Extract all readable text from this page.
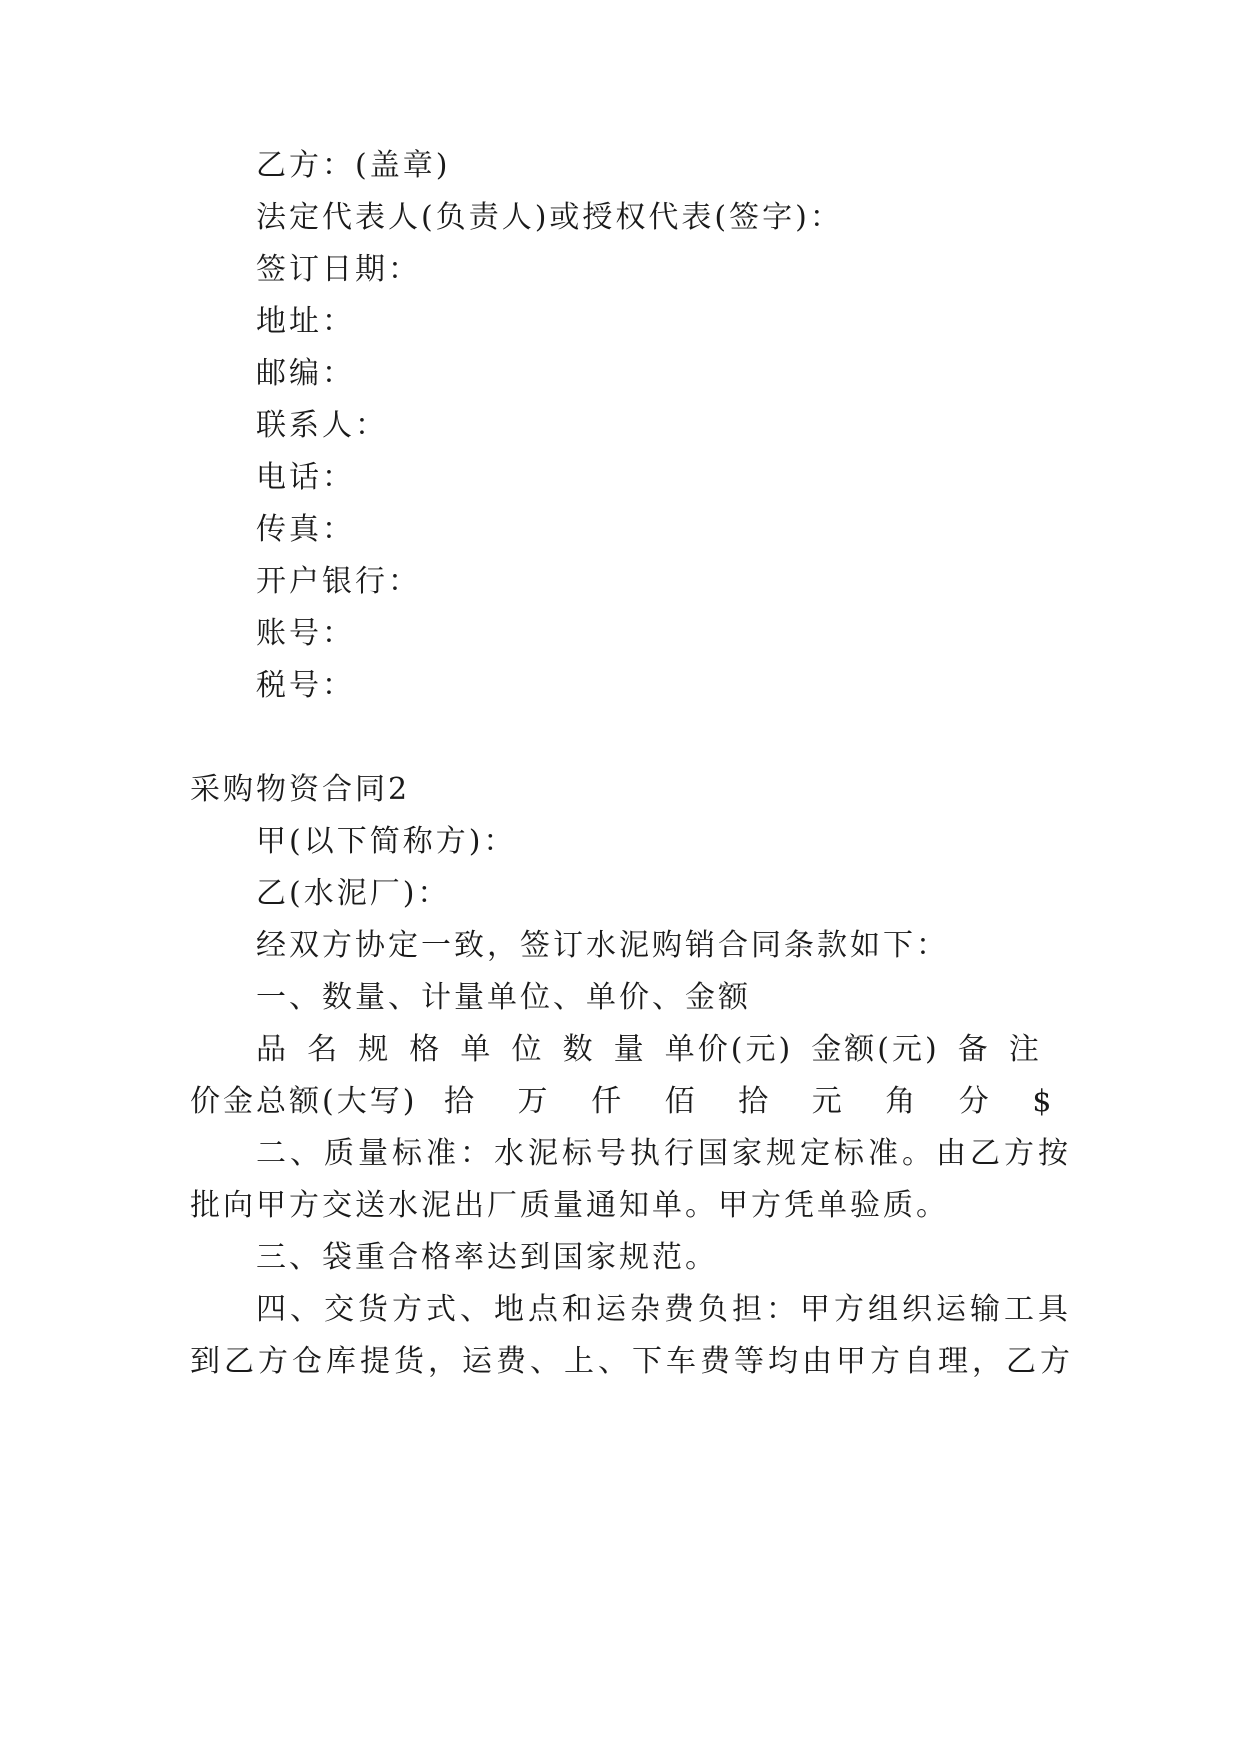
乙方：(盖章)
法定代表人(负责人)或授权代表(签字)：
签订日期：
地址：
邮编：
联系人：
电话：
传真：
开户银行：
账号：
税号：
采购物资合同2
甲(以下简称方)：
乙(水泥厂)：
经双方协定一致，签订水泥购销合同条款如下：
一、数量、计量单位、单价、金额
品 名 规 格 单 位 数 量 单价(元) 金额(元) 备 注
价金总额(大写) 拾 万 仟 佰 拾 元 角 分 $
二、质量标准：水泥标号执行国家规定标准。由乙方按
批向甲方交送水泥出厂质量通知单。甲方凭单验质。
三、袋重合格率达到国家规范。
四、交货方式、地点和运杂费负担：甲方组织运输工具
到乙方仓库提货，运费、上、下车费等均由甲方自理，乙方
